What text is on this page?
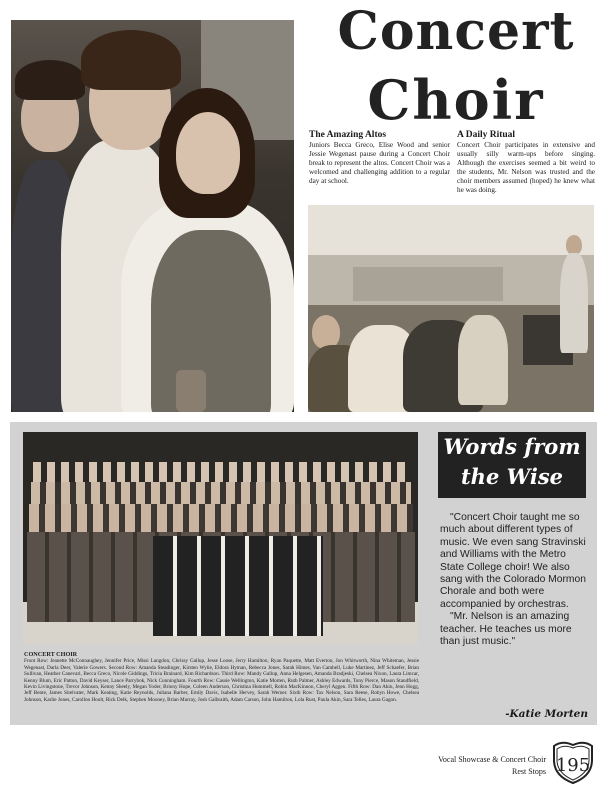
Concert
Choir

The Amazing Altos

Juniors Becca Greco, Elise Wood and senior Jessie Wegenast pause during a Concert Choir break to represent the altos. Concert Choir was a welcomed and challenging addition to a regular day at school.

A Daily Ritual

Concert Choir participates in extensive and usually silly warm-ups before singing. Although the exercises seemed a bit weird to the students, Mr. Nelson was trusted and the choir members assumed (hoped) he knew what he was doing.

CONCERT CHOIR
Front Row: Jeanette McConnaughey, Jennifer Price, Missi Langdon, Chrissy Gallup, Jesse Loose, Jerry Hamilton, Ryan Paquette, Matt Everton, Jon Whitworth, Nina Whiteman, Jessie Wegenast, Darla Deer, Valerie Gowers. Second Row: Amanda Steadinger, Kirsten Wylie, Eldora Hyman, Rebecca Jones, Sarah Himes, Van Cambell, Luke Martinez, Jeff Schaefer, Brian Sullivan, Heather Canevari, Becca Greco, Nicole Giddings, Tricia Brainard, Kim Richardson. Third Row: Mandy Gallup, Anna Helgesen, Amanda Bradjeski, Chelsea Nixon, Laura Limcar, Kenny Blum, Eric Patton, David Keyser, Lance Parrybok, Nick Cunningham. Fourth Row: Cassie Wellington, Katie Morten, Ruth Palmer, Ashley Edwards, Tony Pierce, Mason Standfield, Kevin Livingstone, Trevor Johnson, Kenny Sheely, Megan Yoder, Briony Hope, Coleen Anderson, Christina Hummell, Robin MacKinnon, Cheryl Aggen. Fifth Row: Dan Akin, Jenn Hogg, Jeff Bente, James Sitelvater, Mark Keating, Katie Reynolds, Juliana Barber, Emily Davis, Isabelle Hervey, Sarah Werner. Sixth Row: Tax Nelson, Sara Reese, Robyn Howe, Chelsea Johnson, Karlie Jones, Carollon Hoult, Rick Delk, Stephen Mooney, Brian Murray, Josh Galbraith, Adam Carson, John Hamilton, Lola Rust, Paula Akin, Sara Telles, Laura Gagon.
Words from
the Wise

"Concert Choir taught me so much about different types of music. We even sang Stravinski and Williams with the Metro State College choir! We also sang with the Colorado Mormon Chorale and both were accompanied by orchestras.

"Mr. Nelson is an amazing teacher. He teaches us more than just music."

-Katie Morten
Vocal Showcase & Concert Choir
Rest Stops 195
